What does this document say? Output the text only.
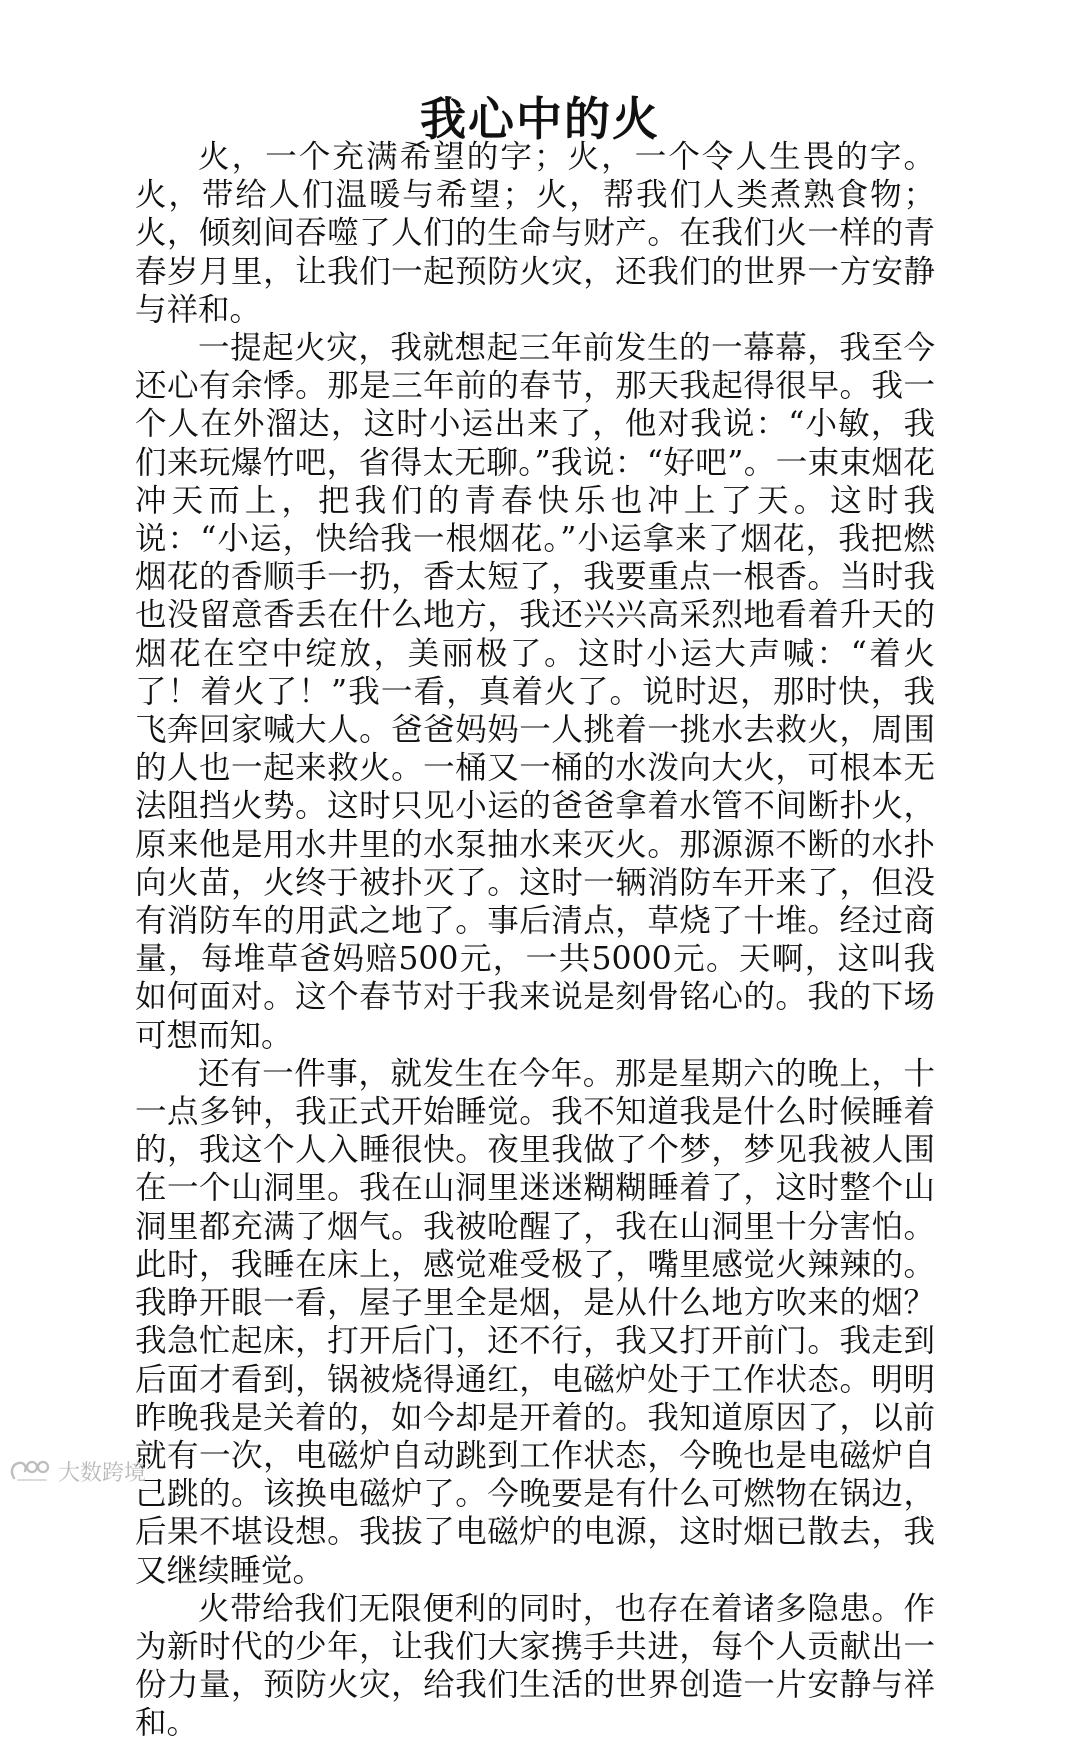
我心中的火

火，一个充满希望的字；火，一个令人生畏的字。火，带给人们温暖与希望；火，帮我们人类煮熟食物；火，倾刻间吞噬了人们的生命与财产。在我们火一样的青春岁月里，让我们一起预防火灾，还我们的世界一方安静与祥和。

一提起火灾，我就想起三年前发生的一幕幕，我至今还心有余悸。那是三年前的春节，那天我起得很早。我一个人在外溜达，这时小运出来了，他对我说：“小敏，我们来玩爆竹吧，省得太无聊。”我说：“好吧”。一束束烟花冲天而上，把我们的青春快乐也冲上了天。这时我说：“小运，快给我一根烟花。”小运拿来了烟花，我把燃烟花的香顺手一扔，香太短了，我要重点一根香。当时我也没留意香丢在什么地方，我还兴兴高采烈地看着升天的烟花在空中绽放，美丽极了。这时小运大声喊：“着火了！着火了！”我一看，真着火了。说时迟，那时快，我飞奔回家喊大人。爸爸妈妈一人挑着一挑水去救火，周围的人也一起来救火。一桶又一桶的水泼向大火，可根本无法阻挡火势。这时只见小运的爸爸拿着水管不间断扑火，原来他是用水井里的水泵抽水来灭火。那源源不断的水扑向火苗，火终于被扑灭了。这时一辆消防车开来了，但没有消防车的用武之地了。事后清点，草烧了十堆。经过商量，每堆草爸妈赔500元，一共5000元。天啊，这叫我如何面对。这个春节对于我来说是刻骨铭心的。我的下场可想而知。

还有一件事，就发生在今年。那是星期六的晚上，十一点多钟，我正式开始睡觉。我不知道我是什么时候睡着的，我这个人入睡很快。夜里我做了个梦，梦见我被人围在一个山洞里。我在山洞里迷迷糊糊睡着了，这时整个山洞里都充满了烟气。我被呛醒了，我在山洞里十分害怕。此时，我睡在床上，感觉难受极了，嘴里感觉火辣辣的。我睁开眼一看，屋子里全是烟，是从什么地方吹来的烟？我急忙起床，打开后门，还不行，我又打开前门。我走到后面才看到，锅被烧得通红，电磁炉处于工作状态。明明昨晚我是关着的，如今却是开着的。我知道原因了，以前就有一次，电磁炉自动跳到工作状态，今晚也是电磁炉自己跳的。该换电磁炉了。今晚要是有什么可燃物在锅边，后果不堪设想。我拔了电磁炉的电源，这时烟已散去，我又继续睡觉。

火带给我们无限便利的同时，也存在着诸多隐患。作为新时代的少年，让我们大家携手共进，每个人贡献出一份力量，预防火灾，给我们生活的世界创造一片安静与祥和。

大数跨境
